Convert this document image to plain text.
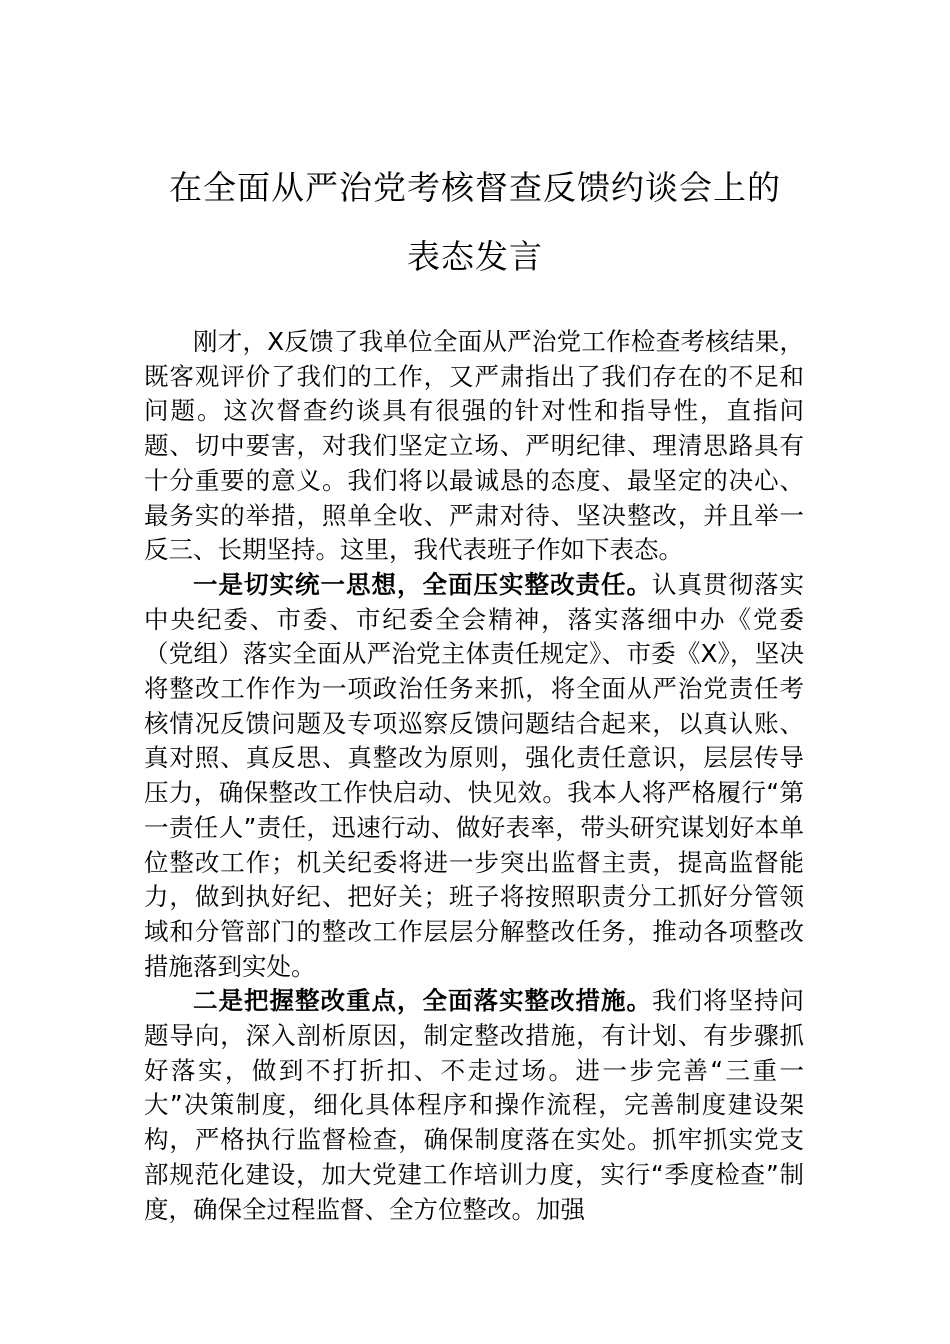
在全面从严治党考核督查反馈约谈会上的
表态发言

刚才，X反馈了我单位全面从严治党工作检查考核结果，既客观评价了我们的工作，又严肃指出了我们存在的不足和问题。这次督查约谈具有很强的针对性和指导性，直指问题、切中要害，对我们坚定立场、严明纪律、理清思路具有十分重要的意义。我们将以最诚恳的态度、最坚定的决心、最务实的举措，照单全收、严肃对待、坚决整改，并且举一反三、长期坚持。这里，我代表班子作如下表态。

一是切实统一思想，全面压实整改责任。认真贯彻落实中央纪委、市委、市纪委全会精神，落实落细中办《党委（党组）落实全面从严治党主体责任规定》、市委《X》，坚决将整改工作作为一项政治任务来抓，将全面从严治党责任考核情况反馈问题及专项巡察反馈问题结合起来，以真认账、真对照、真反思、真整改为原则，强化责任意识，层层传导压力，确保整改工作快启动、快见效。我本人将严格履行“第一责任人”责任，迅速行动、做好表率，带头研究谋划好本单位整改工作；机关纪委将进一步突出监督主责，提高监督能力，做到执好纪、把好关；班子将按照职责分工抓好分管领域和分管部门的整改工作层层分解整改任务，推动各项整改措施落到实处。

二是把握整改重点，全面落实整改措施。我们将坚持问题导向，深入剖析原因，制定整改措施，有计划、有步骤抓好落实，做到不打折扣、不走过场。进一步完善“三重一大”决策制度，细化具体程序和操作流程，完善制度建设架构，严格执行监督检查，确保制度落在实处。抓牢抓实党支部规范化建设，加大党建工作培训力度，实行“季度检查”制度，确保全过程监督、全方位整改。加强
